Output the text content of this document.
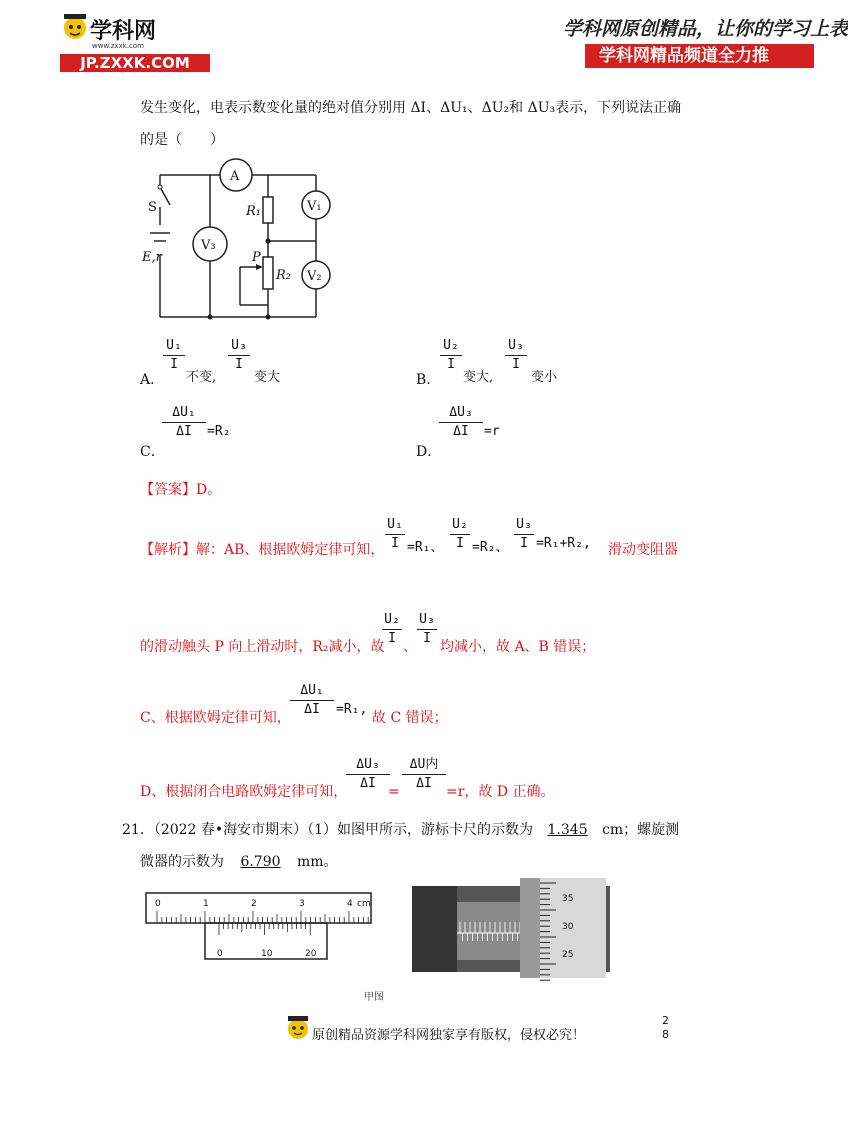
学科网
www.zxxk.com
JP.ZXXK.COM
学科网原创精品，让你的学习上表
学科网精品频道全力推
发生变化，电表示数变化量的绝对值分别用 ΔI、ΔU₁、ΔU₂和 ΔU₃表示，下列说法正确
的是（　　）
A
V₁
V₂
V₃
R₁
R₂
P
S
E,r
U₁
I
A． 不变,
U₃
I
变大
U₂
I
B． 变大,
U₃
I
变小
ΔU₁
ΔI	=R₂
C．
ΔU₃
ΔI	=r
D．
【答案】D。
【解析】 解：AB、根据欧姆定律可知，
U₁
I =R₁、
U₂
I =R₂、
U₃
I =R₁+R₂, 滑动变阻器
的滑动触头 P 向上滑动时，R₂减小，故
U₂
I
、
U₃
I
均减小，故 A、B 错误；
C、根据欧姆定律可知，
ΔU₁
ΔI	=R₁,
故 C 错误；
D、根据闭合电路欧姆定律可知，
ΔU₃
ΔI
=
ΔU内
ΔI
=r，故 D 正确。
21．（2022 春•海安市期末）（1）如图甲所示，游标卡尺的示数为 1.345 cm；螺旋测
微器的示数为 6.790 mm。
0	1	2	3	4 cm
0	10	20
甲图
35
30
25
原创精品资源学科网独家享有版权，侵权必究！
28
